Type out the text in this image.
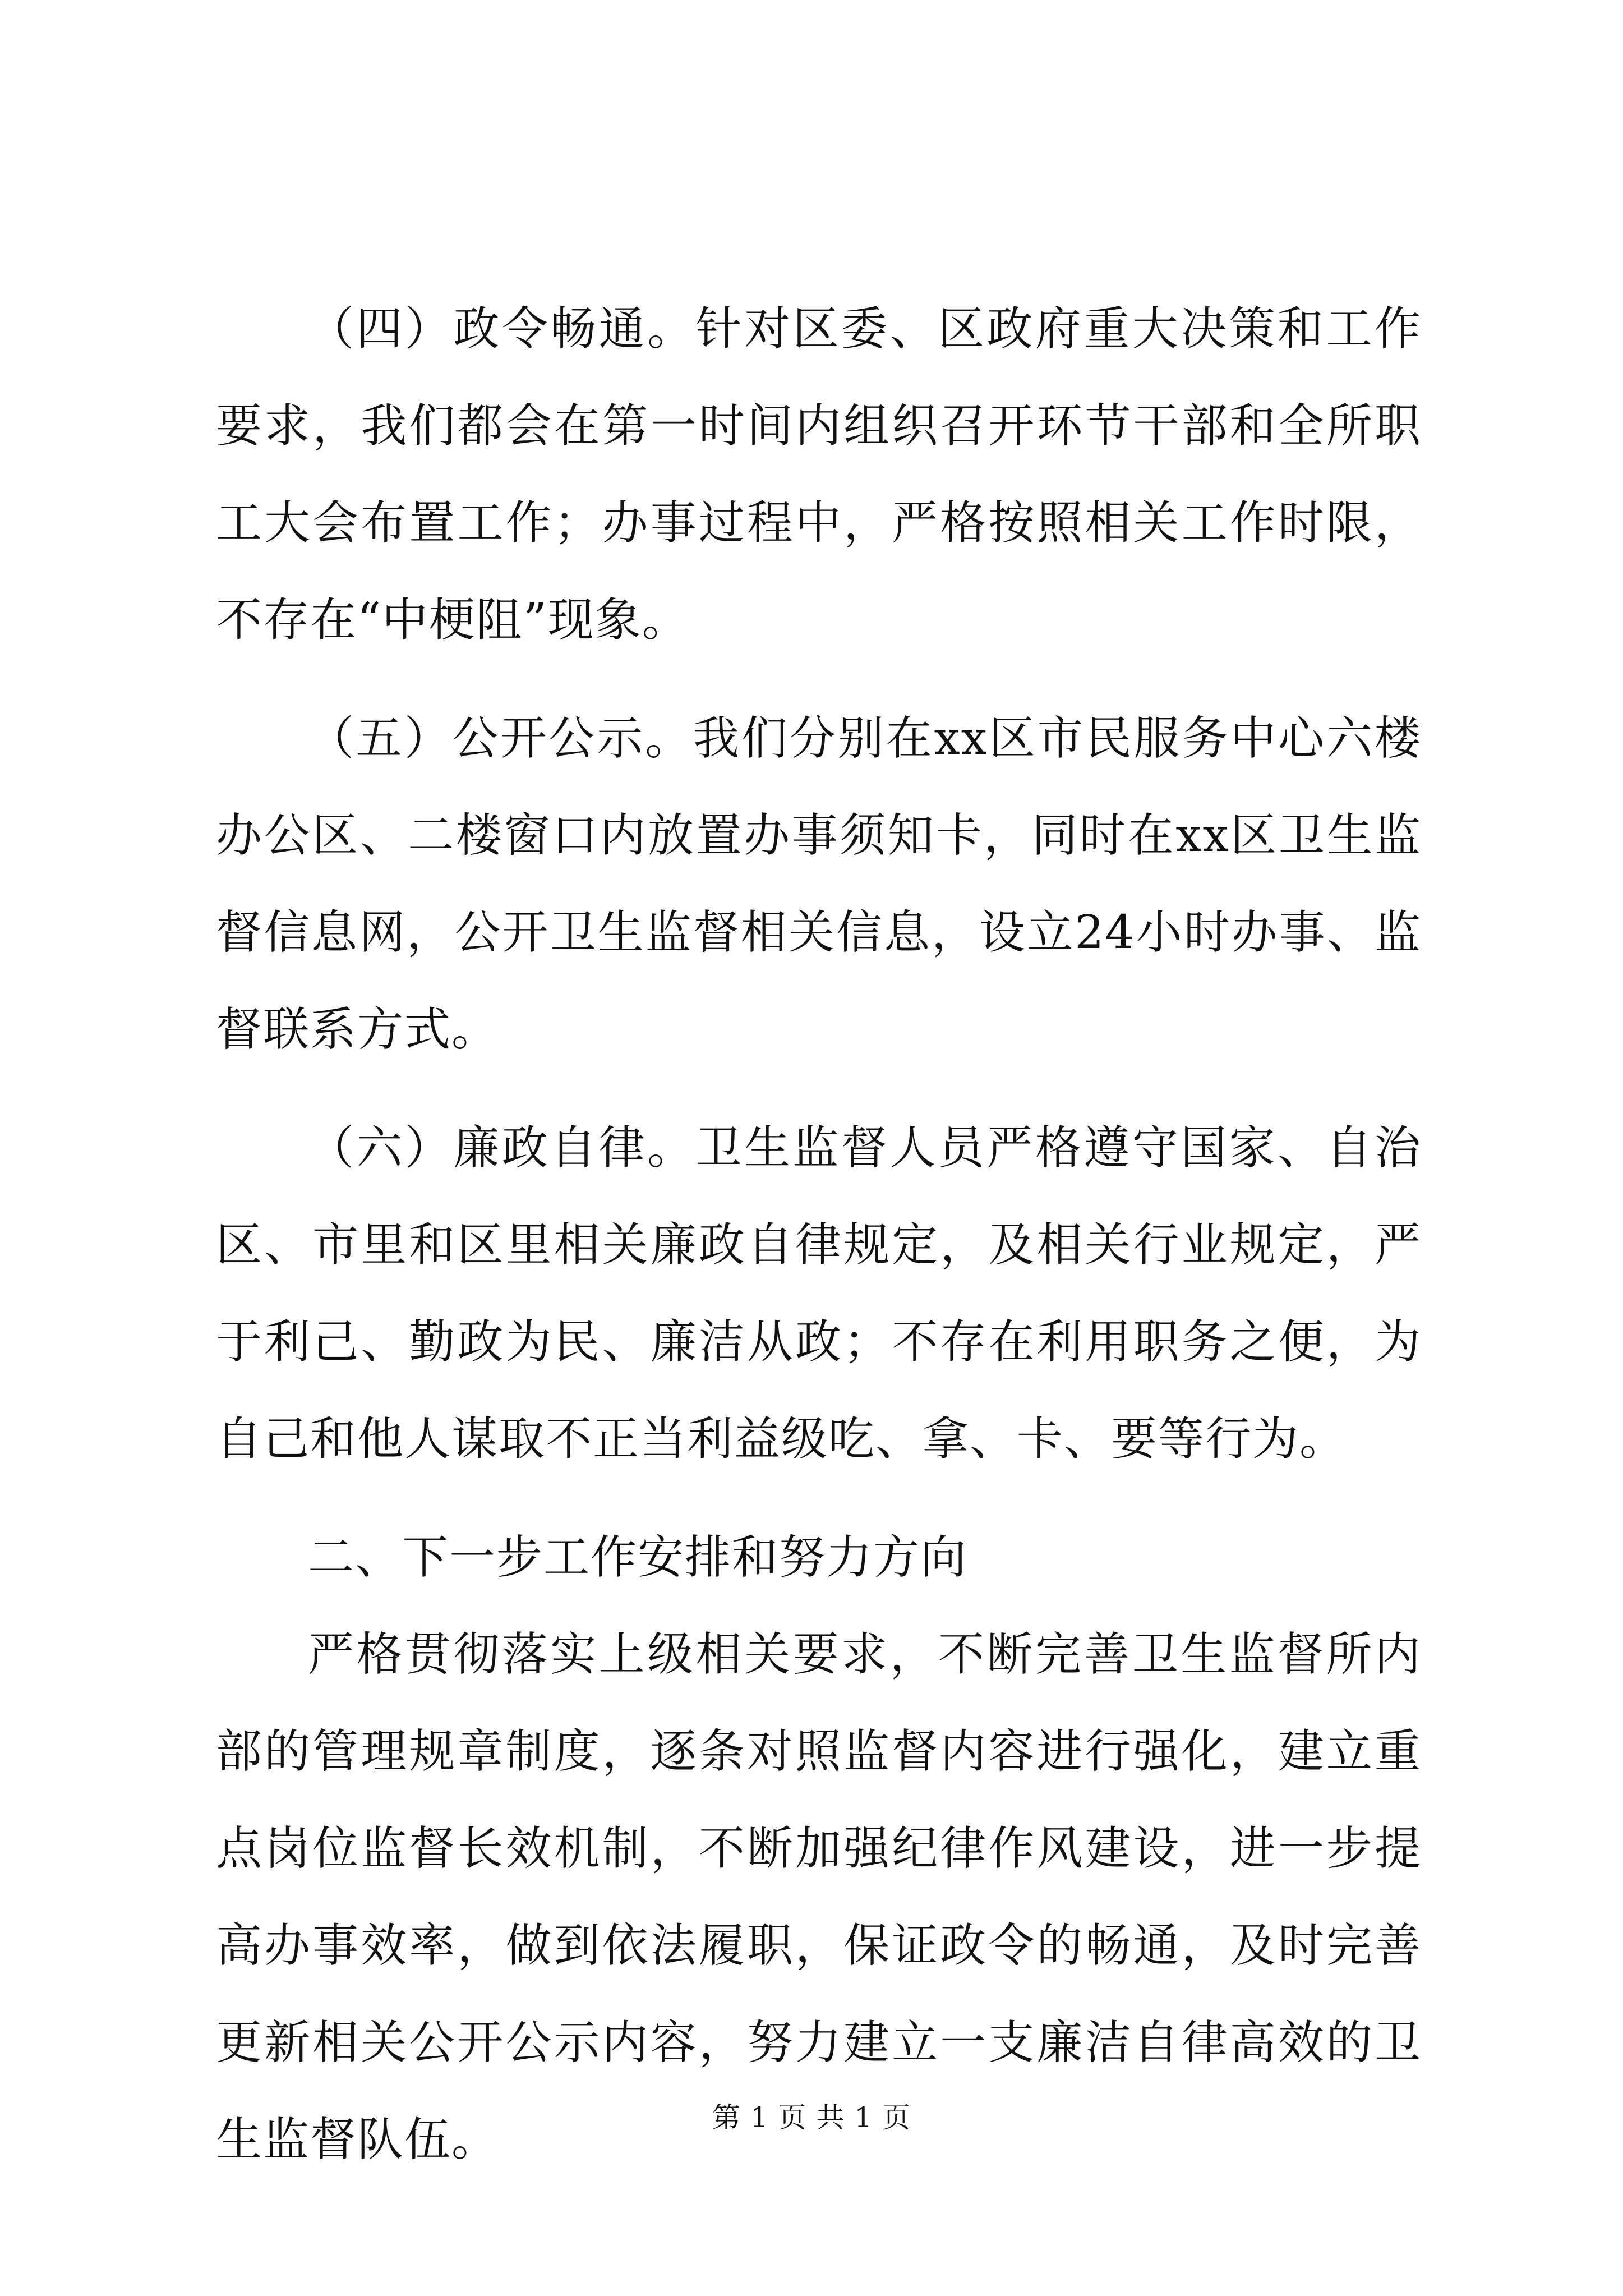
（四）政令畅通。针对区委、区政府重大决策和工作要求，我们都会在第一时间内组织召开环节干部和全所职工大会布置工作；办事过程中，严格按照相关工作时限，不存在“中梗阻”现象。

（五）公开公示。我们分别在xx区市民服务中心六楼办公区、二楼窗口内放置办事须知卡，同时在xx区卫生监督信息网，公开卫生监督相关信息，设立24小时办事、监督联系方式。

（六）廉政自律。卫生监督人员严格遵守国家、自治区、市里和区里相关廉政自律规定，及相关行业规定，严于利己、勤政为民、廉洁从政；不存在利用职务之便，为自己和他人谋取不正当利益级吃、拿、卡、要等行为。

二、下一步工作安排和努力方向

严格贯彻落实上级相关要求，不断完善卫生监督所内部的管理规章制度，逐条对照监督内容进行强化，建立重点岗位监督长效机制，不断加强纪律作风建设，进一步提高办事效率，做到依法履职，保证政令的畅通，及时完善更新相关公开公示内容，努力建立一支廉洁自律高效的卫生监督队伍。	第 1 页 共 1 页
